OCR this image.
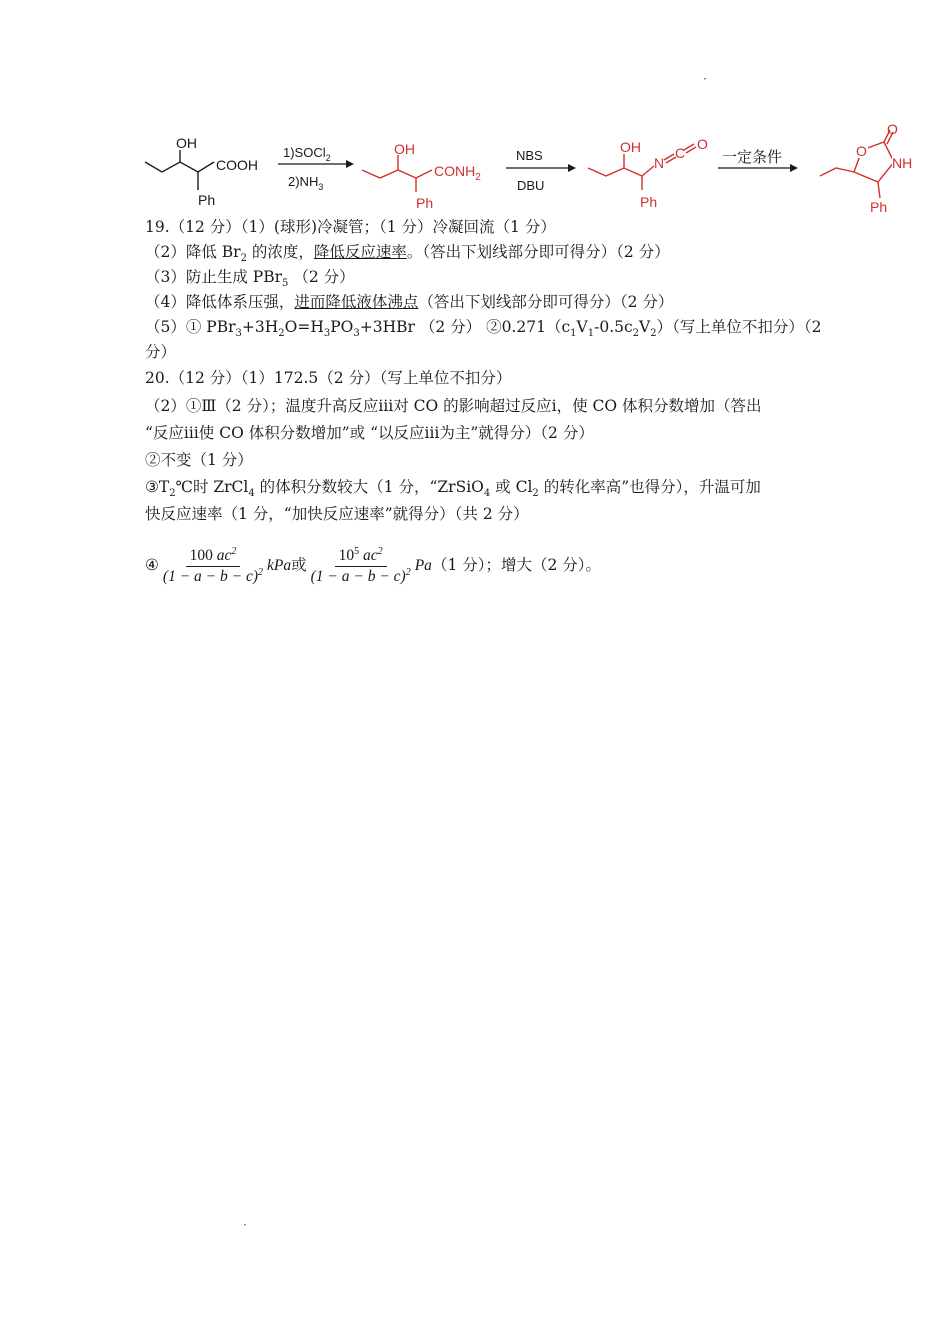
·
OH
COOH
Ph
1)SOCl$_2$
$2)NH_3$
OH
$CONH_2$
Ph
NBS
DBU
OH
N
C
O
Ph
一定条件
O
O
NH
Ph
19.（12 分）（1）(球形)冷凝管；（1 分）冷凝回流（1 分）
（2）降低 $Br_2$ 的浓度，降低反应速率。（答出下划线部分即可得分）（2 分）
（3）防止生成 PBr$_5$ （2 分）
（4）降低体系压强，进而降低液体沸点（答出下划线部分即可得分）（2 分）
（5）① $PBr_3+3H_2O=H_3PO_3+3HBr$ （2 分） $②0.271(c_1V_1-0.5c_2V_2)$（写上单位不扣分）（2
分）
20.（12 分）（1）172.5（2 分）（写上单位不扣分）
（2）①Ⅲ（2 分）；温度升高反应ⅲ对 CO 的影响超过反应ⅰ，使 CO 体积分数增加（答出
“反应ⅲ使 CO 体积分数增加”或 “以反应ⅲ为主”就得分）（2 分）
②不变（1 分）
$③T_2℃$时 ZrCl$_4$ 的体积分数较大（1 分，“ZrSiO$_4$ 或 $Cl_2$ 的转化率高”也得分），升温可加
快反应速率（1 分，“加快反应速率”就得分）（共 2 分）
④ $\frac{100 ac^2}{(1 - a - b - c)^2}$ kPa或 $\frac{10^5 ac^2}{(1 - a - b - c)^2} Pa(1$ 分）；增大（2 分）。
·
